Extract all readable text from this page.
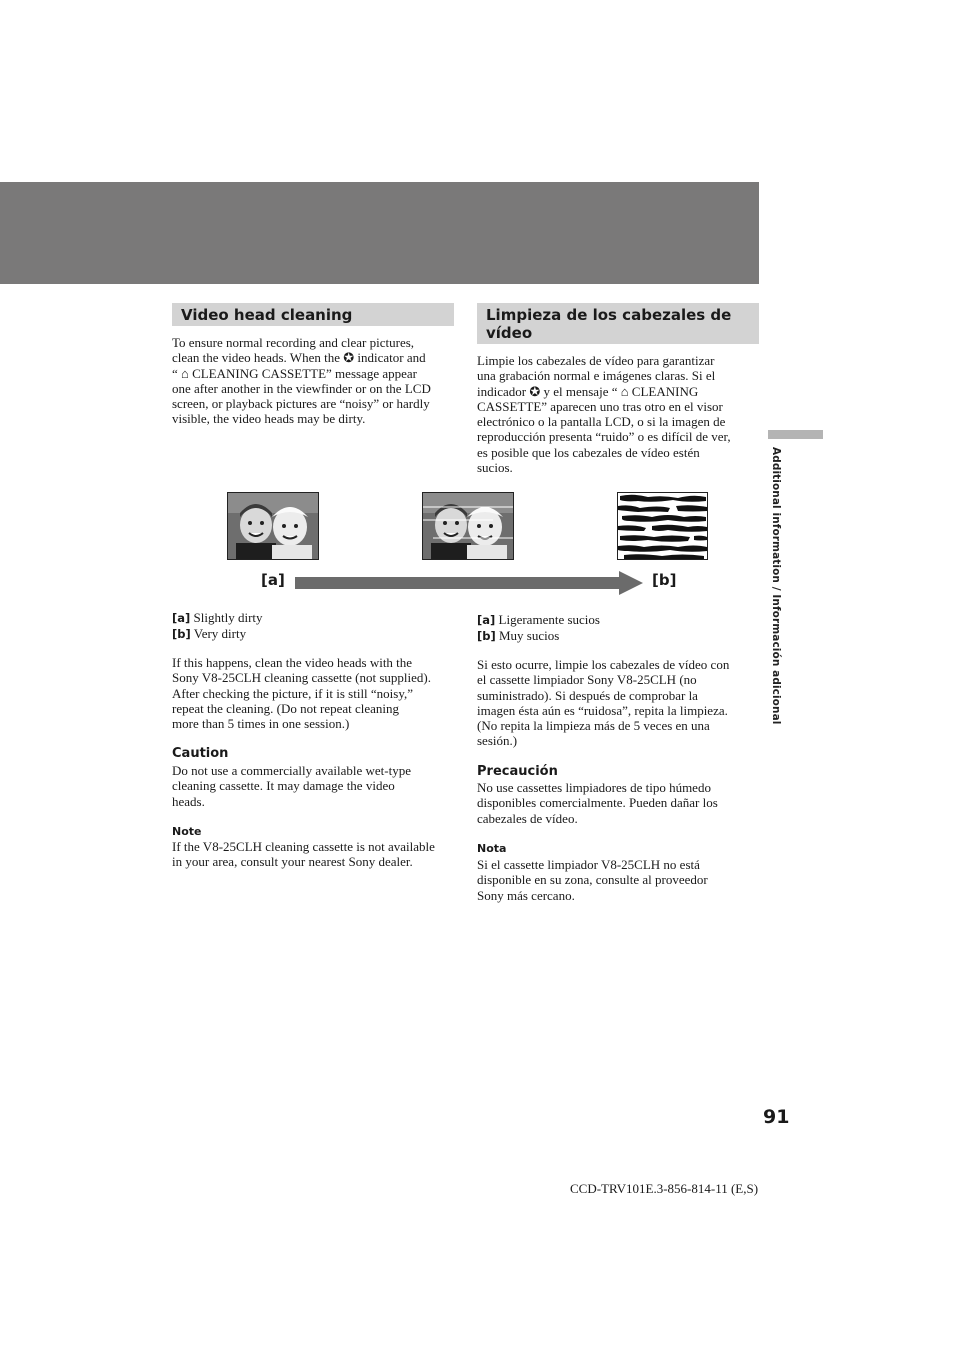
Additional information / Información adicional
Video head cleaning	Limpieza de los cabezales de vídeo
To ensure normal recording and clear pictures,
clean the video heads. When the ✪ indicator and
“ ⌂ CLEANING CASSETTE” message appear
one after another in the viewfinder or on the LCD
screen, or playback pictures are “noisy” or hardly
visible, the video heads may be dirty.
Limpie los cabezales de vídeo para garantizar
una grabación normal e imágenes claras. Si el
indicador ✪ y el mensaje “ ⌂ CLEANING
CASSETTE” aparecen uno tras otro en el visor
electrónico o la pantalla LCD, o si la imagen de
reproducción presenta “ruido” o es difícil de ver,
es posible que los cabezales de vídeo estén
sucios.
[a]	[b]
[a] Slightly dirty
[b] Very dirty
[a] Ligeramente sucios
[b] Muy sucios
If this happens, clean the video heads with the
Sony V8-25CLH cleaning cassette (not supplied).
After checking the picture, if it is still “noisy,”
repeat the cleaning. (Do not repeat cleaning
more than 5 times in one session.)
Si esto ocurre, limpie los cabezales de vídeo con
el cassette limpiador Sony V8-25CLH (no
suministrado). Si después de comprobar la
imagen ésta aún es “ruidosa”, repita la limpieza.
(No repita la limpieza más de 5 veces en una
sesión.)
Caution
Do not use a commercially available wet-type
cleaning cassette. It may damage the video
heads.
Precaución
No use cassettes limpiadores de tipo húmedo
disponibles comercialmente. Pueden dañar los
cabezales de vídeo.
Note
If the V8-25CLH cleaning cassette is not available
in your area, consult your nearest Sony dealer.
Nota
Si el cassette limpiador V8-25CLH no está
disponible en su zona, consulte al proveedor
Sony más cercano.
91
CCD-TRV101E.3-856-814-11 (E,S)
